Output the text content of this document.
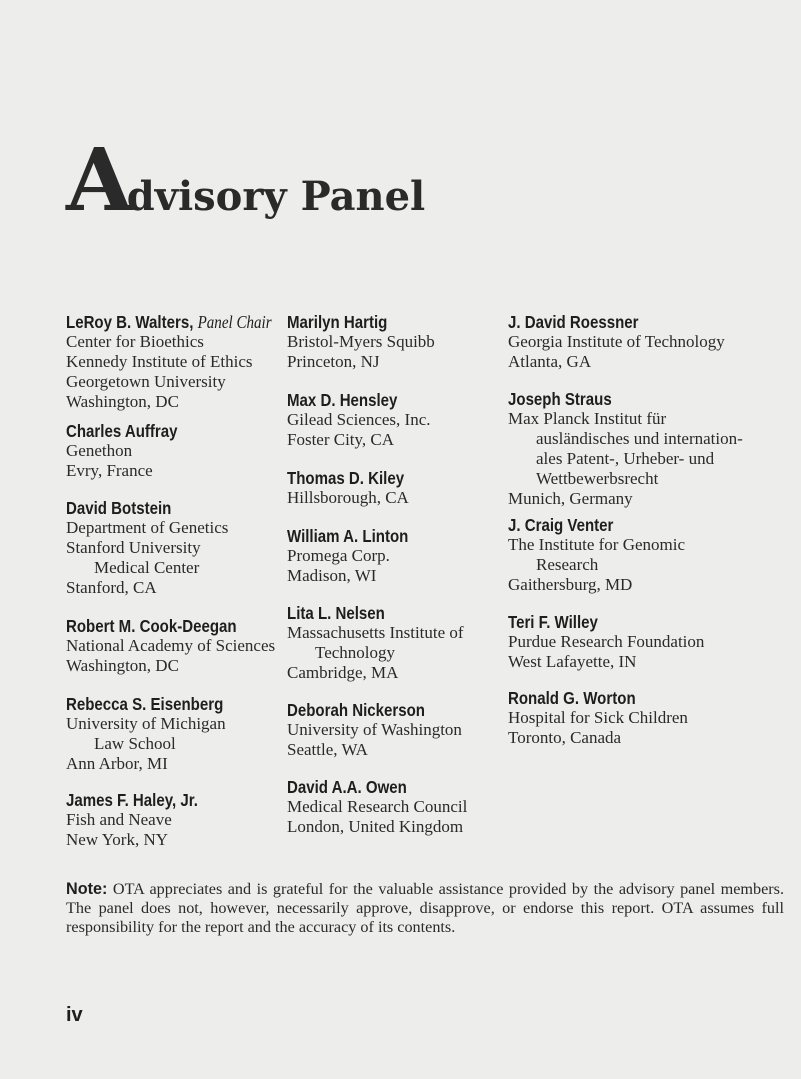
Advisory Panel
LeRoy B. Walters, Panel Chair
Center for Bioethics
Kennedy Institute of Ethics
Georgetown University
Washington, DC
Charles Auffray
Genethon
Evry, France
David Botstein
Department of Genetics
Stanford University
Medical Center
Stanford, CA
Robert M. Cook-Deegan
National Academy of Sciences
Washington, DC
Rebecca S. Eisenberg
University of Michigan
Law School
Ann Arbor, MI
James F. Haley, Jr.
Fish and Neave
New York, NY
Marilyn Hartig
Bristol-Myers Squibb
Princeton, NJ
Max D. Hensley
Gilead Sciences, Inc.
Foster City, CA
Thomas D. Kiley
Hillsborough, CA
William A. Linton
Promega Corp.
Madison, WI
Lita L. Nelsen
Massachusetts Institute of
Technology
Cambridge, MA
Deborah Nickerson
University of Washington
Seattle, WA
David A.A. Owen
Medical Research Council
London, United Kingdom
J. David Roessner
Georgia Institute of Technology
Atlanta, GA
Joseph Straus
Max Planck Institut für
ausländisches und internation-
ales Patent-, Urheber- und
Wettbewerbsrecht
Munich, Germany
J. Craig Venter
The Institute for Genomic
Research
Gaithersburg, MD
Teri F. Willey
Purdue Research Foundation
West Lafayette, IN
Ronald G. Worton
Hospital for Sick Children
Toronto, Canada
Note: OTA appreciates and is grateful for the valuable assistance provided by the advisory panel members. The panel does not, however, necessarily approve, disapprove, or endorse this report. OTA assumes full responsibility for the report and the accuracy of its contents.
iv
